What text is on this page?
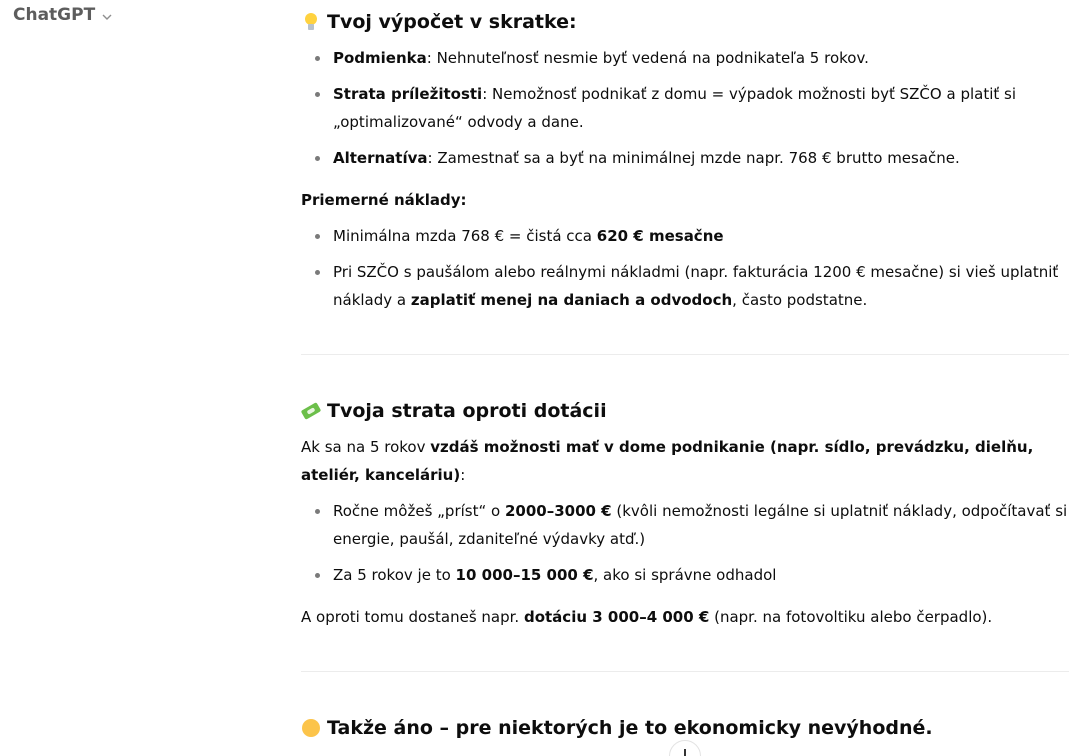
ChatGPT	Tvoj výpočet v skratke:
Podmienka: Nehnuteľnosť nesmie byť vedená na podnikateľa 5 rokov.
Strata príležitosti: Nemožnosť podnikať z domu = výpadok možnosti byť SZČO a platiť si „optimalizované“ odvody a dane.
Alternatíva: Zamestnať sa a byť na minimálnej mzde napr. 768 € brutto mesačne.

Priemerné náklady:

Minimálna mzda 768 € = čistá cca 620 € mesačne
Pri SZČO s paušálom alebo reálnymi nákladmi (napr. fakturácia 1200 € mesačne) si vieš uplatniť náklady a zaplatiť menej na daniach a odvodoch, často podstatne.
Tvoja strata oproti dotácii

Ak sa na 5 rokov vzdáš možnosti mať v dome podnikanie (napr. sídlo, prevádzku, dielňu, ateliér, kanceláriu):

Ročne môžeš „príst“ o 2000–3000 € (kvôli nemožnosti legálne si uplatniť náklady, odpočítavať si energie, paušál, zdaniteľné výdavky atď.)
Za 5 rokov je to 10 000–15 000 €, ako si správne odhadol

A oproti tomu dostaneš napr. dotáciu 3 000–4 000 € (napr. na fotovoltiku alebo čerpadlo).

Takže áno – pre niektorých je to ekonomicky nevýhodné.
